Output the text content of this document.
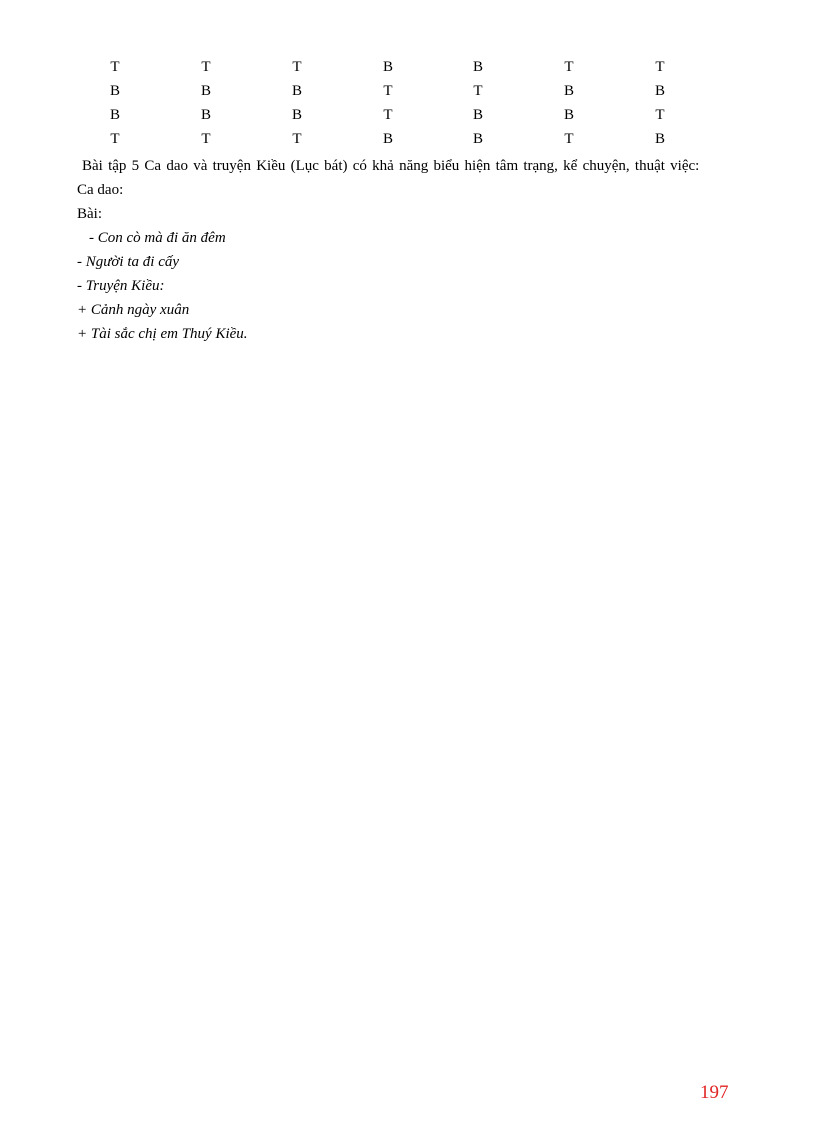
T	T	T	B	B	T	T
B	B	B	T	T	B	B
B	B	B	T	B	B	T
T	T	T	B	B	T	B
Bài tập 5 Ca dao và truyện Kiều (Lục bát) có khả năng biểu hiện tâm trạng, kể chuyện, thuật việc:
Ca dao:
Bài:
- Con cò mà đi ăn đêm
- Người ta đi cấy
- Truyện Kiều:
+ Cảnh ngày xuân
+ Tài sắc chị em Thuý Kiều.
197
